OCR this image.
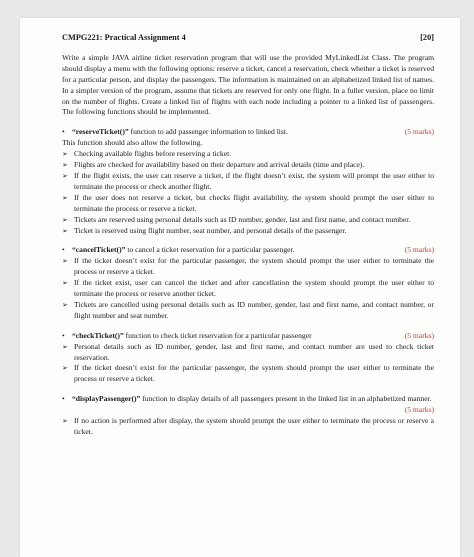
CMPG221: Practical Assignment 4	[20]

Write a simple JAVA airline ticket reservation program that will use the provided MyLinkedList Class. The program should display a menu with the following options: reserve a ticket, cancel a reservation, check whether a ticket is reserved for a particular person, and display the passengers. The information is maintained on an alphabetized linked list of names. In a simpler version of the program, assume that tickets are reserved for only one flight. In a fuller version, place no limit on the number of flights. Create a linked list of flights with each node including a pointer to a linked list of passengers. The following functions should be implemented.

• “reserveTicket()” function to add passenger information to linked list.	(5 marks)

This function should also allow the following.

➢ Checking available flights before reserving a ticket.
➢ Flights are checked for availability based on their departure and arrival details (time and place).
➢ If the flight exists, the user can reserve a ticket, if the flight doesn’t exist, the system will prompt the user either to terminate the process or check another flight.
➢ If the user does not reserve a ticket, but checks flight availability, the system should prompt the user either to terminate the process or reserve a ticket.
➢ Tickets are reserved using personal details such as ID number, gender, last and first name, and contact number.
➢ Ticket is reserved using flight number, seat number, and personal details of the passenger.
• “cancelTicket()” to cancel a ticket reservation for a particular passenger.	(5 marks)
➢ If the ticket doesn’t exist for the particular passenger, the system should prompt the user either to terminate the process or reserve a ticket.
➢ If the ticket exist, user can cancel the ticket and after cancellation the system should prompt the user either to terminate the process or reserve another ticket.
➢ Tickets are cancelled using personal details such as ID number, gender, last and first name, and contact number, or flight number and seat number.
• “checkTicket()” function to check ticket reservation for a particular passenger	(5 marks)
➢ Personal details such as ID number, gender, last and first name, and contact number are used to check ticket reservation.
➢ If the ticket doesn’t exist for the particular passenger, the system should prompt the user either to terminate the process or reserve a ticket.
• “displayPassenger()” function to display details of all passengers present in the linked list in an alphabetized manner.
(5 marks)
➢ If no action is performed after display, the system should prompt the user either to terminate the process or reserve a ticket.
